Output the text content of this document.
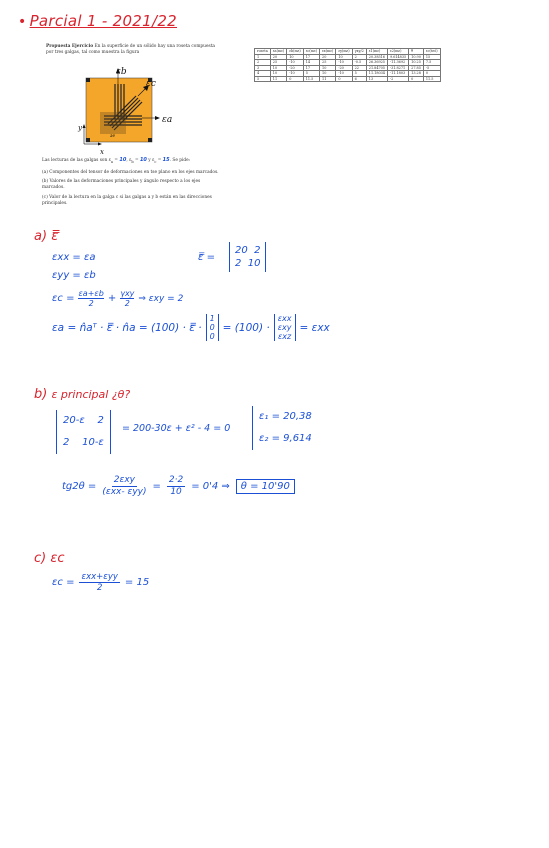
• Parcial 1 - 2021/22
Propuesta Ejercicio En la superficie de un sólido hay una roseta compuesta por tres galgas, tal como muestra la figura
εb
εc
εa
ae
x
y
Las lecturas de las galgas son $\varepsilon_a = 10$, $\varepsilon_b = 10$ y $\varepsilon_c = 15$. Se pide:
(a) Componentes del tensor de deformaciones en tse plano en los ejes marcados.
(b) Valores de las deformaciones principales y ángulo respecto a los ejes marcados.
(c) Valor de la lectura en la galga c si las galgas a y b están en las direcciones principales.
roseta	εa(mε)	εb(mε)	εc(mε)	εx(mε)	εy(mε)	γxy/2	ε1(mε)	ε2(mε)	θ	εc(teó)
1	20	10	17	20	10	2	20.38516	9.614835	10.90	15
2	25	-10	14	25	-10	-0.5	26.36925	-11.3692	10.25	7.5
3	10	-20	17	10	-20	22	21.84705	-31.8271	27.85	-5
4	10	-10	5	10	-10	5	11.18034	-11.1803	13.28	0
5	11	0	11.5	11	0	6	13	-2	0	11.5
a) ε̿
εxx = εa
εyy = εb
ε̿ =
20 2
2 10
$\varepsilon c = \frac{\varepsilon a+\varepsilon b}{2} + \gamma xy$
2 ⇒ εxy = 2
εa = n̂aᵀ · ε̿ · n̂a = (100) · ε̿ ·
1
0
0
= (100) ·
εxx
εxy
εxz
= εxx
b) ε principal ¿θ?
20-ε 2
2 10-ε
= 200-30ε + ε² - 4 = 0
ε₁ = 20,38
ε₂ = 9,614
tg2θ =
2εxy
(εxx- $\varepsilon yy) = \frac{2\cdot 2}{10} = 0'4$ ⇒	θ = 10'90
c) εc
εc = εxx+εyy
2 = 15
